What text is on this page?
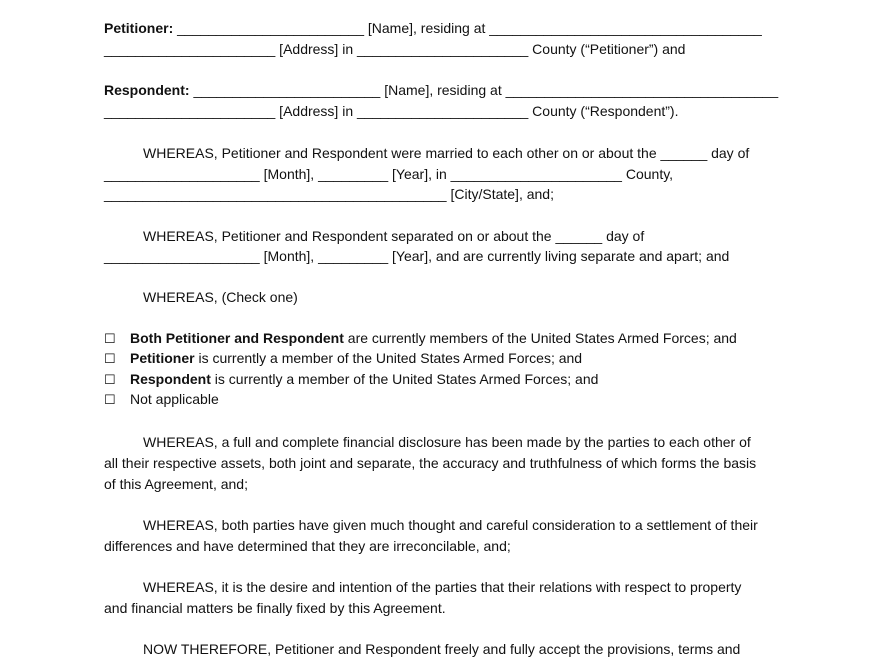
Petitioner: ________________________ [Name], residing at ___________________________________
______________________ [Address] in ______________________ County (“Petitioner”) and
Respondent: ________________________ [Name], residing at ___________________________________
______________________ [Address] in ______________________ County (“Respondent”).
WHEREAS, Petitioner and Respondent were married to each other on or about the ______ day of
____________________ [Month], _________ [Year], in ______________________ County,
____________________________________________ [City/State], and;
WHEREAS, Petitioner and Respondent separated on or about the ______ day of
____________________ [Month], _________ [Year], and are currently living separate and apart; and
WHEREAS, (Check one)
☐ Both Petitioner and Respondent are currently members of the United States Armed Forces; and
☐ Petitioner is currently a member of the United States Armed Forces; and
☐ Respondent is currently a member of the United States Armed Forces; and
☐ Not applicable
WHEREAS, a full and complete financial disclosure has been made by the parties to each other of
all their respective assets, both joint and separate, the accuracy and truthfulness of which forms the basis
of this Agreement, and;
WHEREAS, both parties have given much thought and careful consideration to a settlement of their
differences and have determined that they are irreconcilable, and;
WHEREAS, it is the desire and intention of the parties that their relations with respect to property
and financial matters be finally fixed by this Agreement.
NOW THEREFORE, Petitioner and Respondent freely and fully accept the provisions, terms and
